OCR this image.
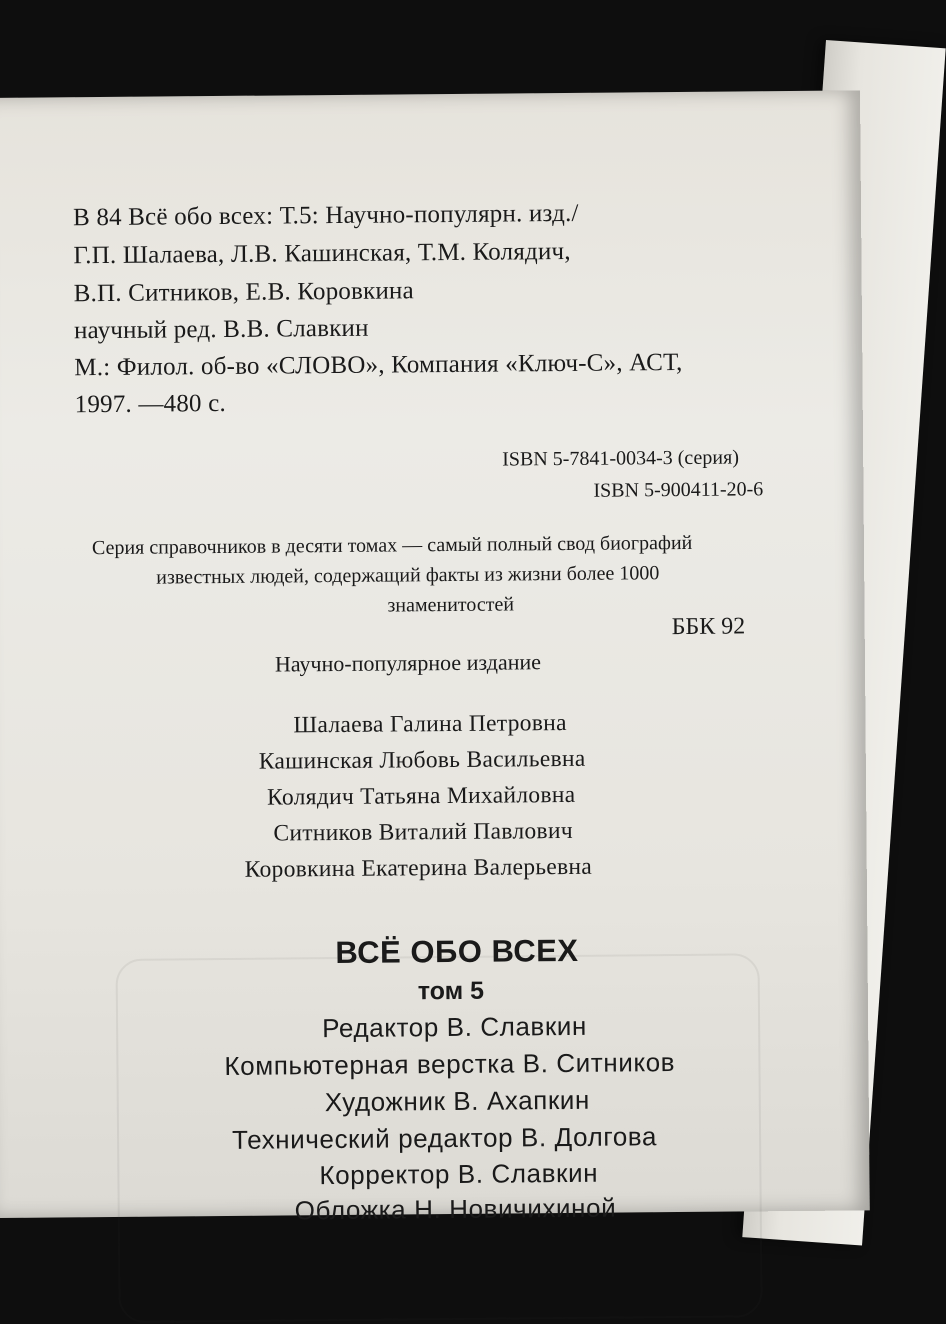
В 84 Всё обо всех: Т.5: Научно-популярн. изд./
Г.П. Шалаева, Л.В. Кашинская, Т.М. Колядич,
В.П. Ситников, Е.В. Коровкина
научный ред. В.В. Славкин
М.: Филол. об-во «СЛОВО», Компания «Ключ-С», АСТ,
1997. —480 с.
ISBN 5-7841-0034-3 (серия)
ISBN 5-900411-20-6
Серия справочников в десяти томах — самый полный свод биографий
известных людей, содержащий факты из жизни более 1000
знаменитостей
ББК 92
Научно-популярное издание
Шалаева Галина Петровна
Кашинская Любовь Васильевна
Колядич Татьяна Михайловна
Ситников Виталий Павлович
Коровкина Екатерина Валерьевна
ВСЁ ОБО ВСЕХ
том 5
Редактор В. Славкин
Компьютерная верстка В. Ситников
Художник В. Ахапкин
Технический редактор В. Долгова
Корректор В. Славкин
Обложка Н. Новичихиной
